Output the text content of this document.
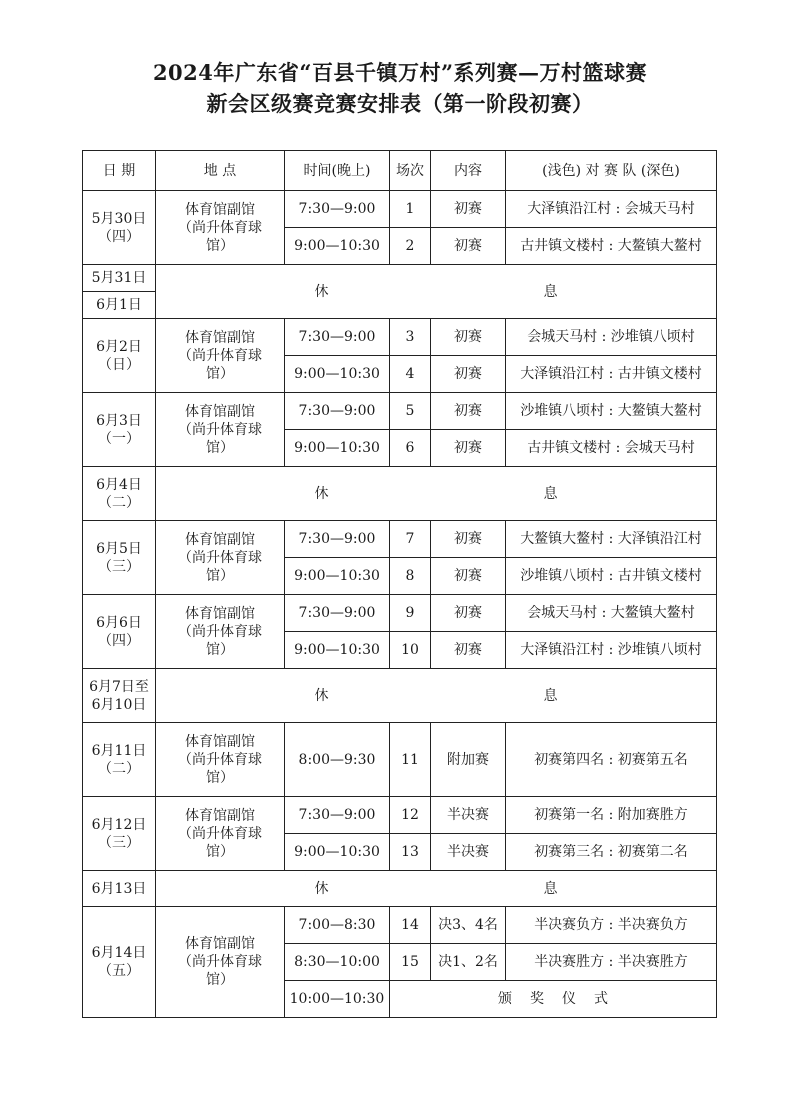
2024年广东省“百县千镇万村”系列赛—万村篮球赛
新会区级赛竞赛安排表（第一阶段初赛）
日 期	地 点	时间(晚上)	场次	内容	(浅色) 对 赛 队 (深色)

5月30日
（四）	体育馆副馆
（尚升体育球
馆）	7:30—9:00	1	初赛	大泽镇沿江村 : 会城天马村
		9:00—10:30	2	初赛	古井镇文楼村 : 大鳌镇大鳌村
5月31日	休 息				
6月1日					

6月2日
（日）	体育馆副馆
（尚升体育球
馆）	7:30—9:00	3	初赛	会城天马村 : 沙堆镇八顷村
		9:00—10:30	4	初赛	大泽镇沿江村 : 古井镇文楼村

6月3日
（一）	体育馆副馆
（尚升体育球
馆）	7:30—9:00	5	初赛	沙堆镇八顷村 : 大鳌镇大鳌村
		9:00—10:30	6	初赛	古井镇文楼村 : 会城天马村

6月4日
（二）	休 息				

6月5日
（三）	体育馆副馆
（尚升体育球
馆）	7:30—9:00	7	初赛	大鳌镇大鳌村 : 大泽镇沿江村
		9:00—10:30	8	初赛	沙堆镇八顷村 : 古井镇文楼村

6月6日
（四）	体育馆副馆
（尚升体育球
馆）	7:30—9:00	9	初赛	会城天马村 : 大鳌镇大鳌村
		9:00—10:30	10	初赛	大泽镇沿江村 : 沙堆镇八顷村

6月7日至
6月10日	休 息				

6月11日
（二）	体育馆副馆
（尚升体育球
馆）	8:00—9:30	11	附加赛	初赛第四名 : 初赛第五名

6月12日
（三）	体育馆副馆
（尚升体育球
馆）	7:30—9:00	12	半决赛	初赛第一名 : 附加赛胜方
		9:00—10:30	13	半决赛	初赛第三名 : 初赛第二名
6月13日	休 息				

6月14日
（五）	体育馆副馆
（尚升体育球
馆）	7:00—8:30	14	决3、4名	半决赛负方 : 半决赛负方
		8:30—10:00	15	决1、2名	半决赛胜方 : 半决赛胜方
		10:00—10:30	颁 奖 仪 式		
